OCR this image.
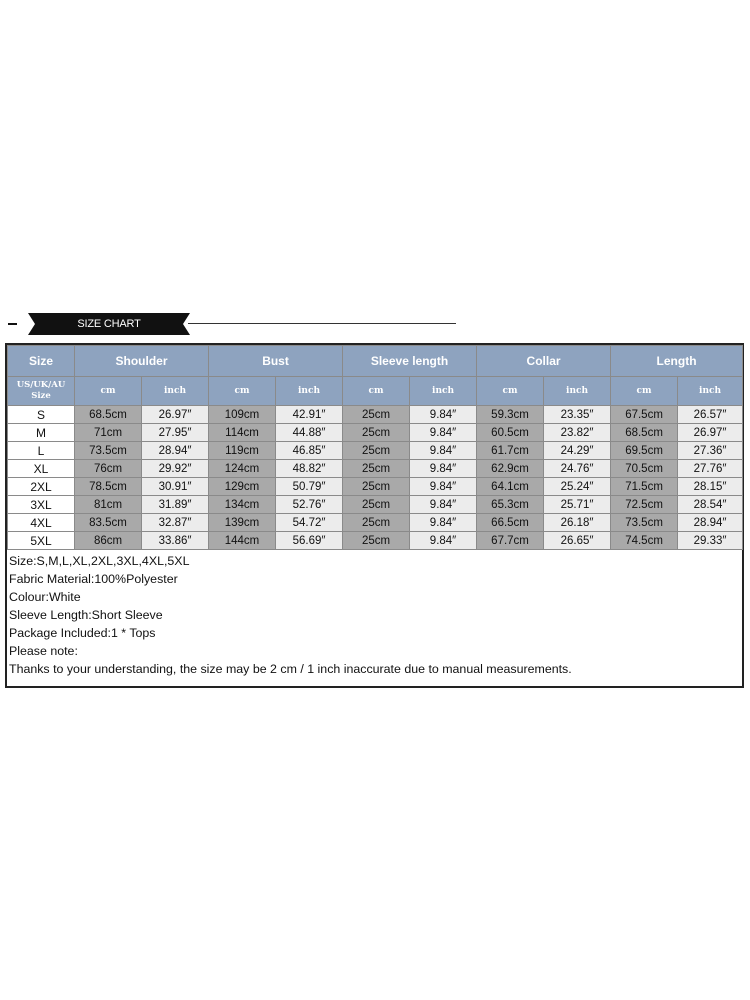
SIZE CHART
Size	Shoulder		Bust		Sleeve length		Collar		Length	

US/UK/AU Size	cm	inch	cm	inch	cm	inch	cm	inch	cm	inch
S	68.5cm	26.97″	109cm	42.91″	25cm	9.84″	59.3cm	23.35″	67.5cm	26.57″
M	71cm	27.95″	114cm	44.88″	25cm	9.84″	60.5cm	23.82″	68.5cm	26.97″
L	73.5cm	28.94″	119cm	46.85″	25cm	9.84″	61.7cm	24.29″	69.5cm	27.36″
XL	76cm	29.92″	124cm	48.82″	25cm	9.84″	62.9cm	24.76″	70.5cm	27.76″
2XL	78.5cm	30.91″	129cm	50.79″	25cm	9.84″	64.1cm	25.24″	71.5cm	28.15″
3XL	81cm	31.89″	134cm	52.76″	25cm	9.84″	65.3cm	25.71″	72.5cm	28.54″
4XL	83.5cm	32.87″	139cm	54.72″	25cm	9.84″	66.5cm	26.18″	73.5cm	28.94″
5XL	86cm	33.86″	144cm	56.69″	25cm	9.84″	67.7cm	26.65″	74.5cm	29.33″
Size:S,M,L,XL,2XL,3XL,4XL,5XL
Fabric Material:100%Polyester
Colour:White
Sleeve Length:Short Sleeve
Package Included:1 * Tops
Please note:
Thanks to your understanding, the size may be 2 cm / 1 inch inaccurate due to manual measurements.
